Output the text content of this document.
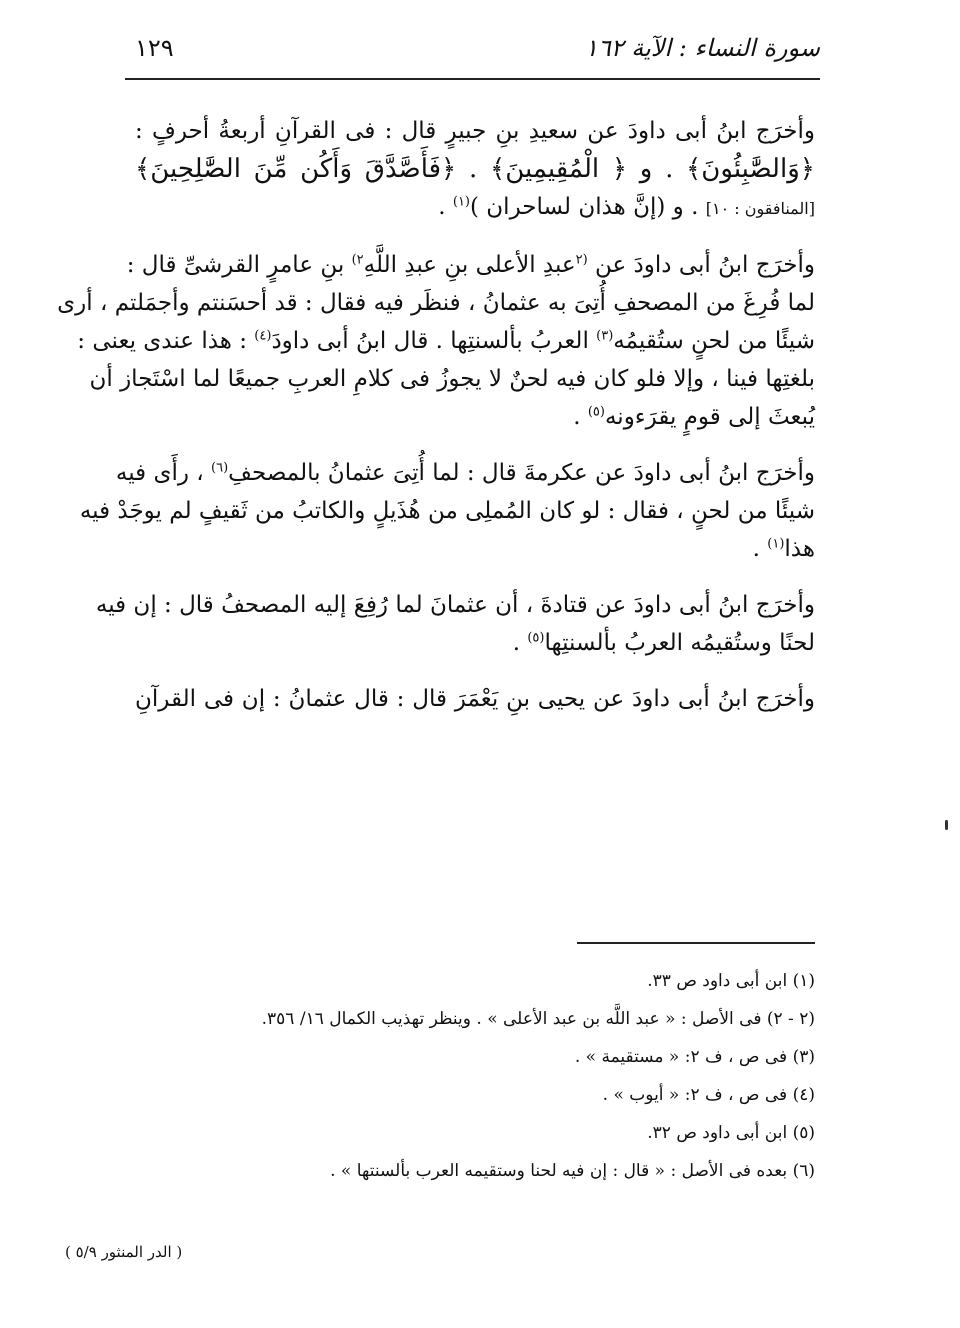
١٢٩	سورة النساء : الآية ١٦٢
وأخرَج ابنُ أبى داودَ عن سعيدِ بنِ جبيرٍ قال : فى القرآنِ أربعةُ أحرفٍ :
﴿وَالصَّٰبِئُونَ﴾ . و ﴿ الْمُقِيمِينَ﴾ . ﴿فَأَصَّدَّقَ وَأَكُن مِّنَ الصَّٰلِحِينَ﴾
[المنافقون : ١٠] . و (إنَّ هذان لساحران )$^{(١)}$ .
وأخرَج ابنُ أبى داودَ عن $^{(٢}$عبدِ الأعلى بنِ عبدِ اللَّهِ$^{٢)}$ بنِ عامرٍ القرشىِّ قال :
لما فُرِغَ من المصحفِ أُتِىَ به عثمانُ ، فنظَر فيه فقال : قد أحسَنتم وأجمَلتم ، أرى
شيئًا من لحنٍ ستُقيمُه$^{(٣)}$ العربُ بألسنتِها . قال ابنُ أبى داودَ$^{(٤)}$ : هذا عندى يعنى :
بلغتِها فينا ، وإلا فلو كان فيه لحنٌ لا يجوزُ فى كلامِ العربِ جميعًا لما اسْتَجاز أن
يُبعثَ إلى قومٍ يقرَءونه$^{(٥)}$ .
وأخرَج ابنُ أبى داودَ عن عكرمةَ قال : لما أُتِىَ عثمانُ بالمصحفِ$^{(٦)}$ ، رأَى فيه
شيئًا من لحنٍ ، فقال : لو كان المُملِى من هُذَيلٍ والكاتبُ من ثَقيفٍ لم يوجَدْ فيه
هذا$^{(١)}$ .
وأخرَج ابنُ أبى داودَ عن قتادةَ ، أن عثمانَ لما رُفِعَ إليه المصحفُ قال : إن فيه
لحنًا وستُقيمُه العربُ بألسنتِها$^{(٥)}$ .
وأخرَج ابنُ أبى داودَ عن يحيى بنِ يَعْمَرَ قال : قال عثمانُ : إن فى القرآنِ
(١) ابن أبى داود ص ٣٣.
(٢ - ٢) فى الأصل : « عبد اللَّه بن عبد الأعلى » . وينظر تهذيب الكمال ١٦/ ٣٥٦.
(٣) فى ص ، ف ٢: « مستقيمة » .
(٤) فى ص ، ف ٢: « أيوب » .
(٥) ابن أبى داود ص ٣٢.
(٦) بعده فى الأصل : « قال : إن فيه لحنا وستقيمه العرب بألسنتها » .
( الدر المنثور ٥/٩ )
